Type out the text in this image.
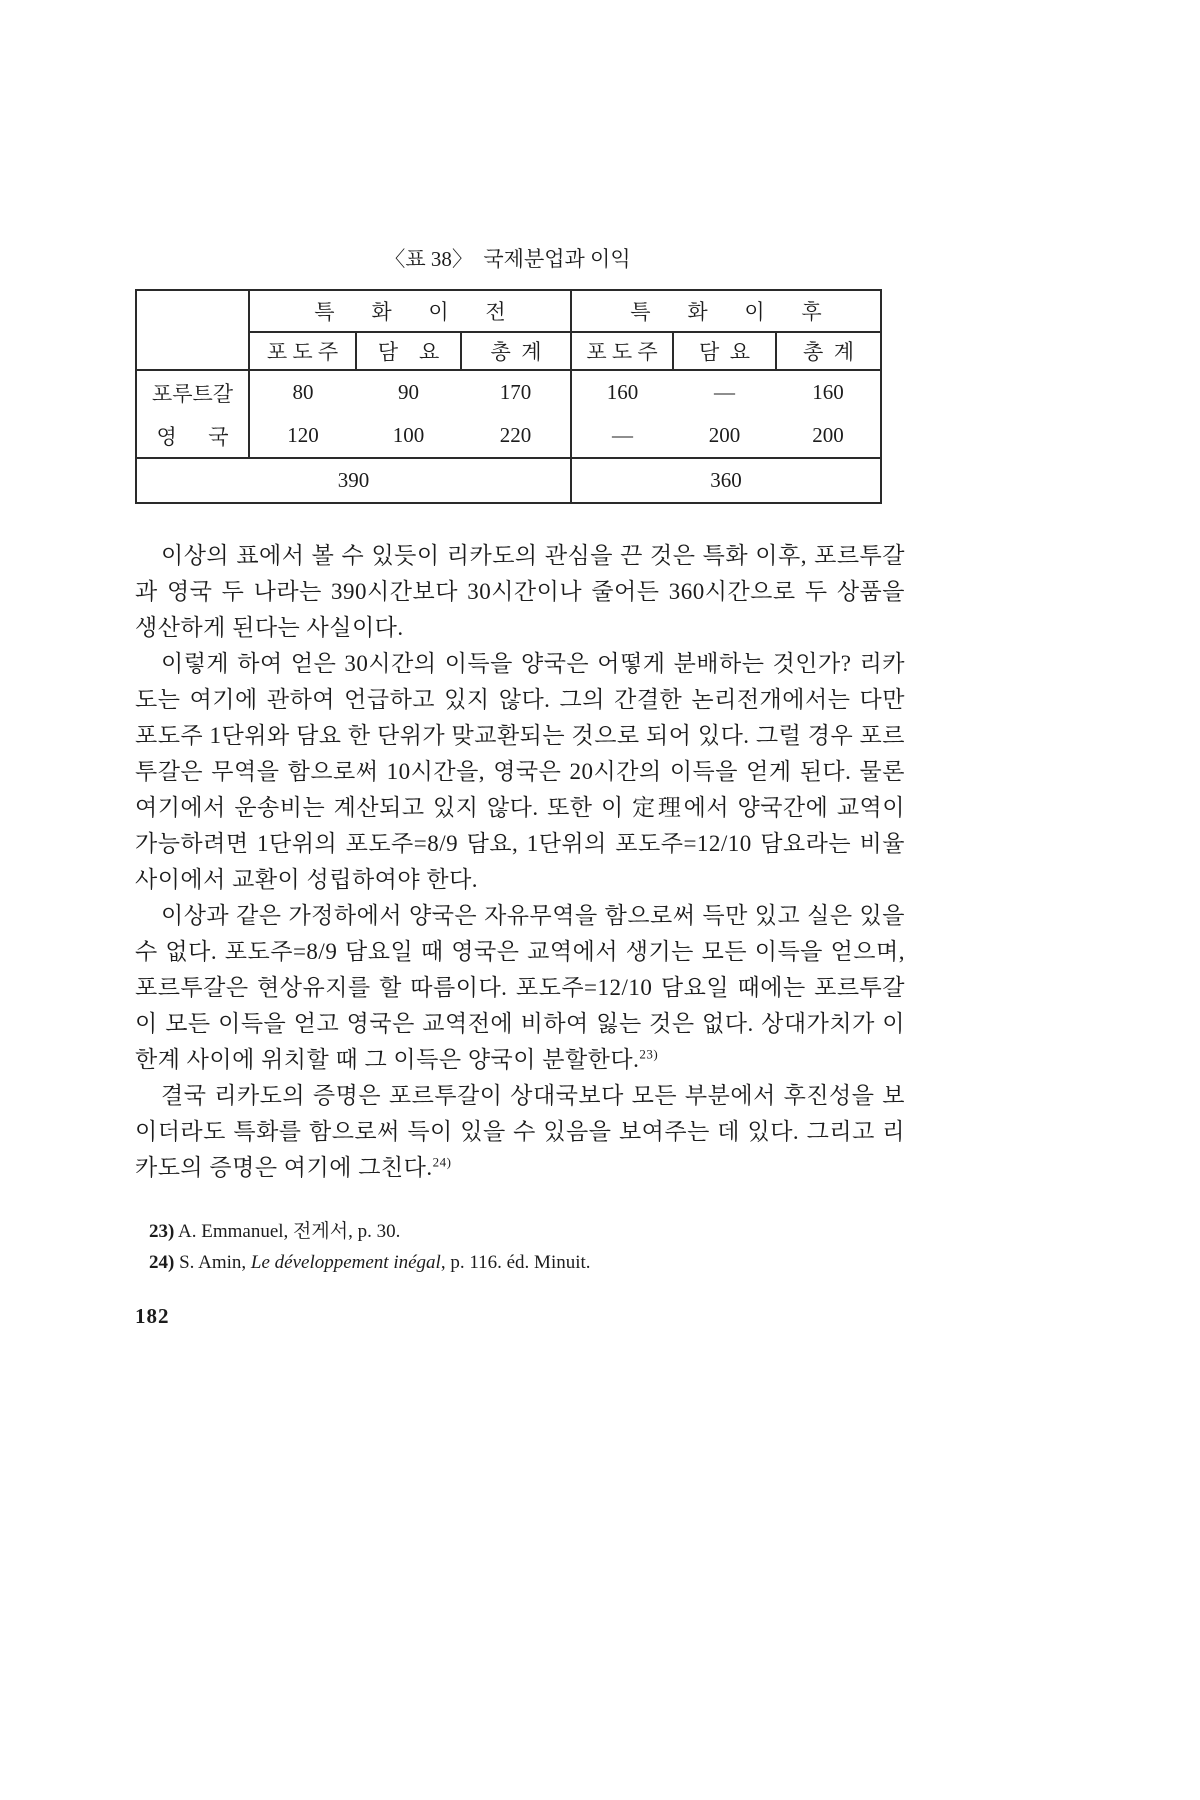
〈표 38〉  국제분업과 이익
	특       화       이       전			특       화       이       후		
	포 도 주	담    요	총  계	포 도 주	담  요	총  계
포루트갈	80	90	170	160	—	160
영      국	120	100	220	—	200	200
390				360		

이상의 표에서 볼 수 있듯이 리카도의 관심을 끈 것은 특화 이후, 포르투갈과 영국 두 나라는 390시간보다 30시간이나 줄어든 360시간으로 두 상품을 생산하게 된다는 사실이다.

이렇게 하여 얻은 30시간의 이득을 양국은 어떻게 분배하는 것인가? 리카도는 여기에 관하여 언급하고 있지 않다. 그의 간결한 논리전개에서는 다만 포도주 1단위와 담요 한 단위가 맞교환되는 것으로 되어 있다. 그럴 경우 포르투갈은 무역을 함으로써 10시간을, 영국은 20시간의 이득을 얻게 된다. 물론 여기에서 운송비는 계산되고 있지 않다. 또한 이 定理에서 양국간에 교역이 가능하려면 1단위의 포도주=8/9 담요, 1단위의 포도주=12/10 담요라는 비율 사이에서 교환이 성립하여야 한다.

이상과 같은 가정하에서 양국은 자유무역을 함으로써 득만 있고 실은 있을 수 없다. 포도주=8/9 담요일 때 영국은 교역에서 생기는 모든 이득을 얻으며, 포르투갈은 현상유지를 할 따름이다. 포도주=12/10 담요일 때에는 포르투갈이 모든 이득을 얻고 영국은 교역전에 비하여 잃는 것은 없다. 상대가치가 이 한계 사이에 위치할 때 그 이득은 양국이 분할한다.$^{23)}$

결국 리카도의 증명은 포르투갈이 상대국보다 모든 부분에서 후진성을 보이더라도 특화를 함으로써 득이 있을 수 있음을 보여주는 데 있다. 그리고 리카도의 증명은 여기에 그친다.$^{24)}$

23) A. Emmanuel, 전게서, p. 30.

24) S. Amin, Le développement inégal, p. 116. éd. Minuit.

182
